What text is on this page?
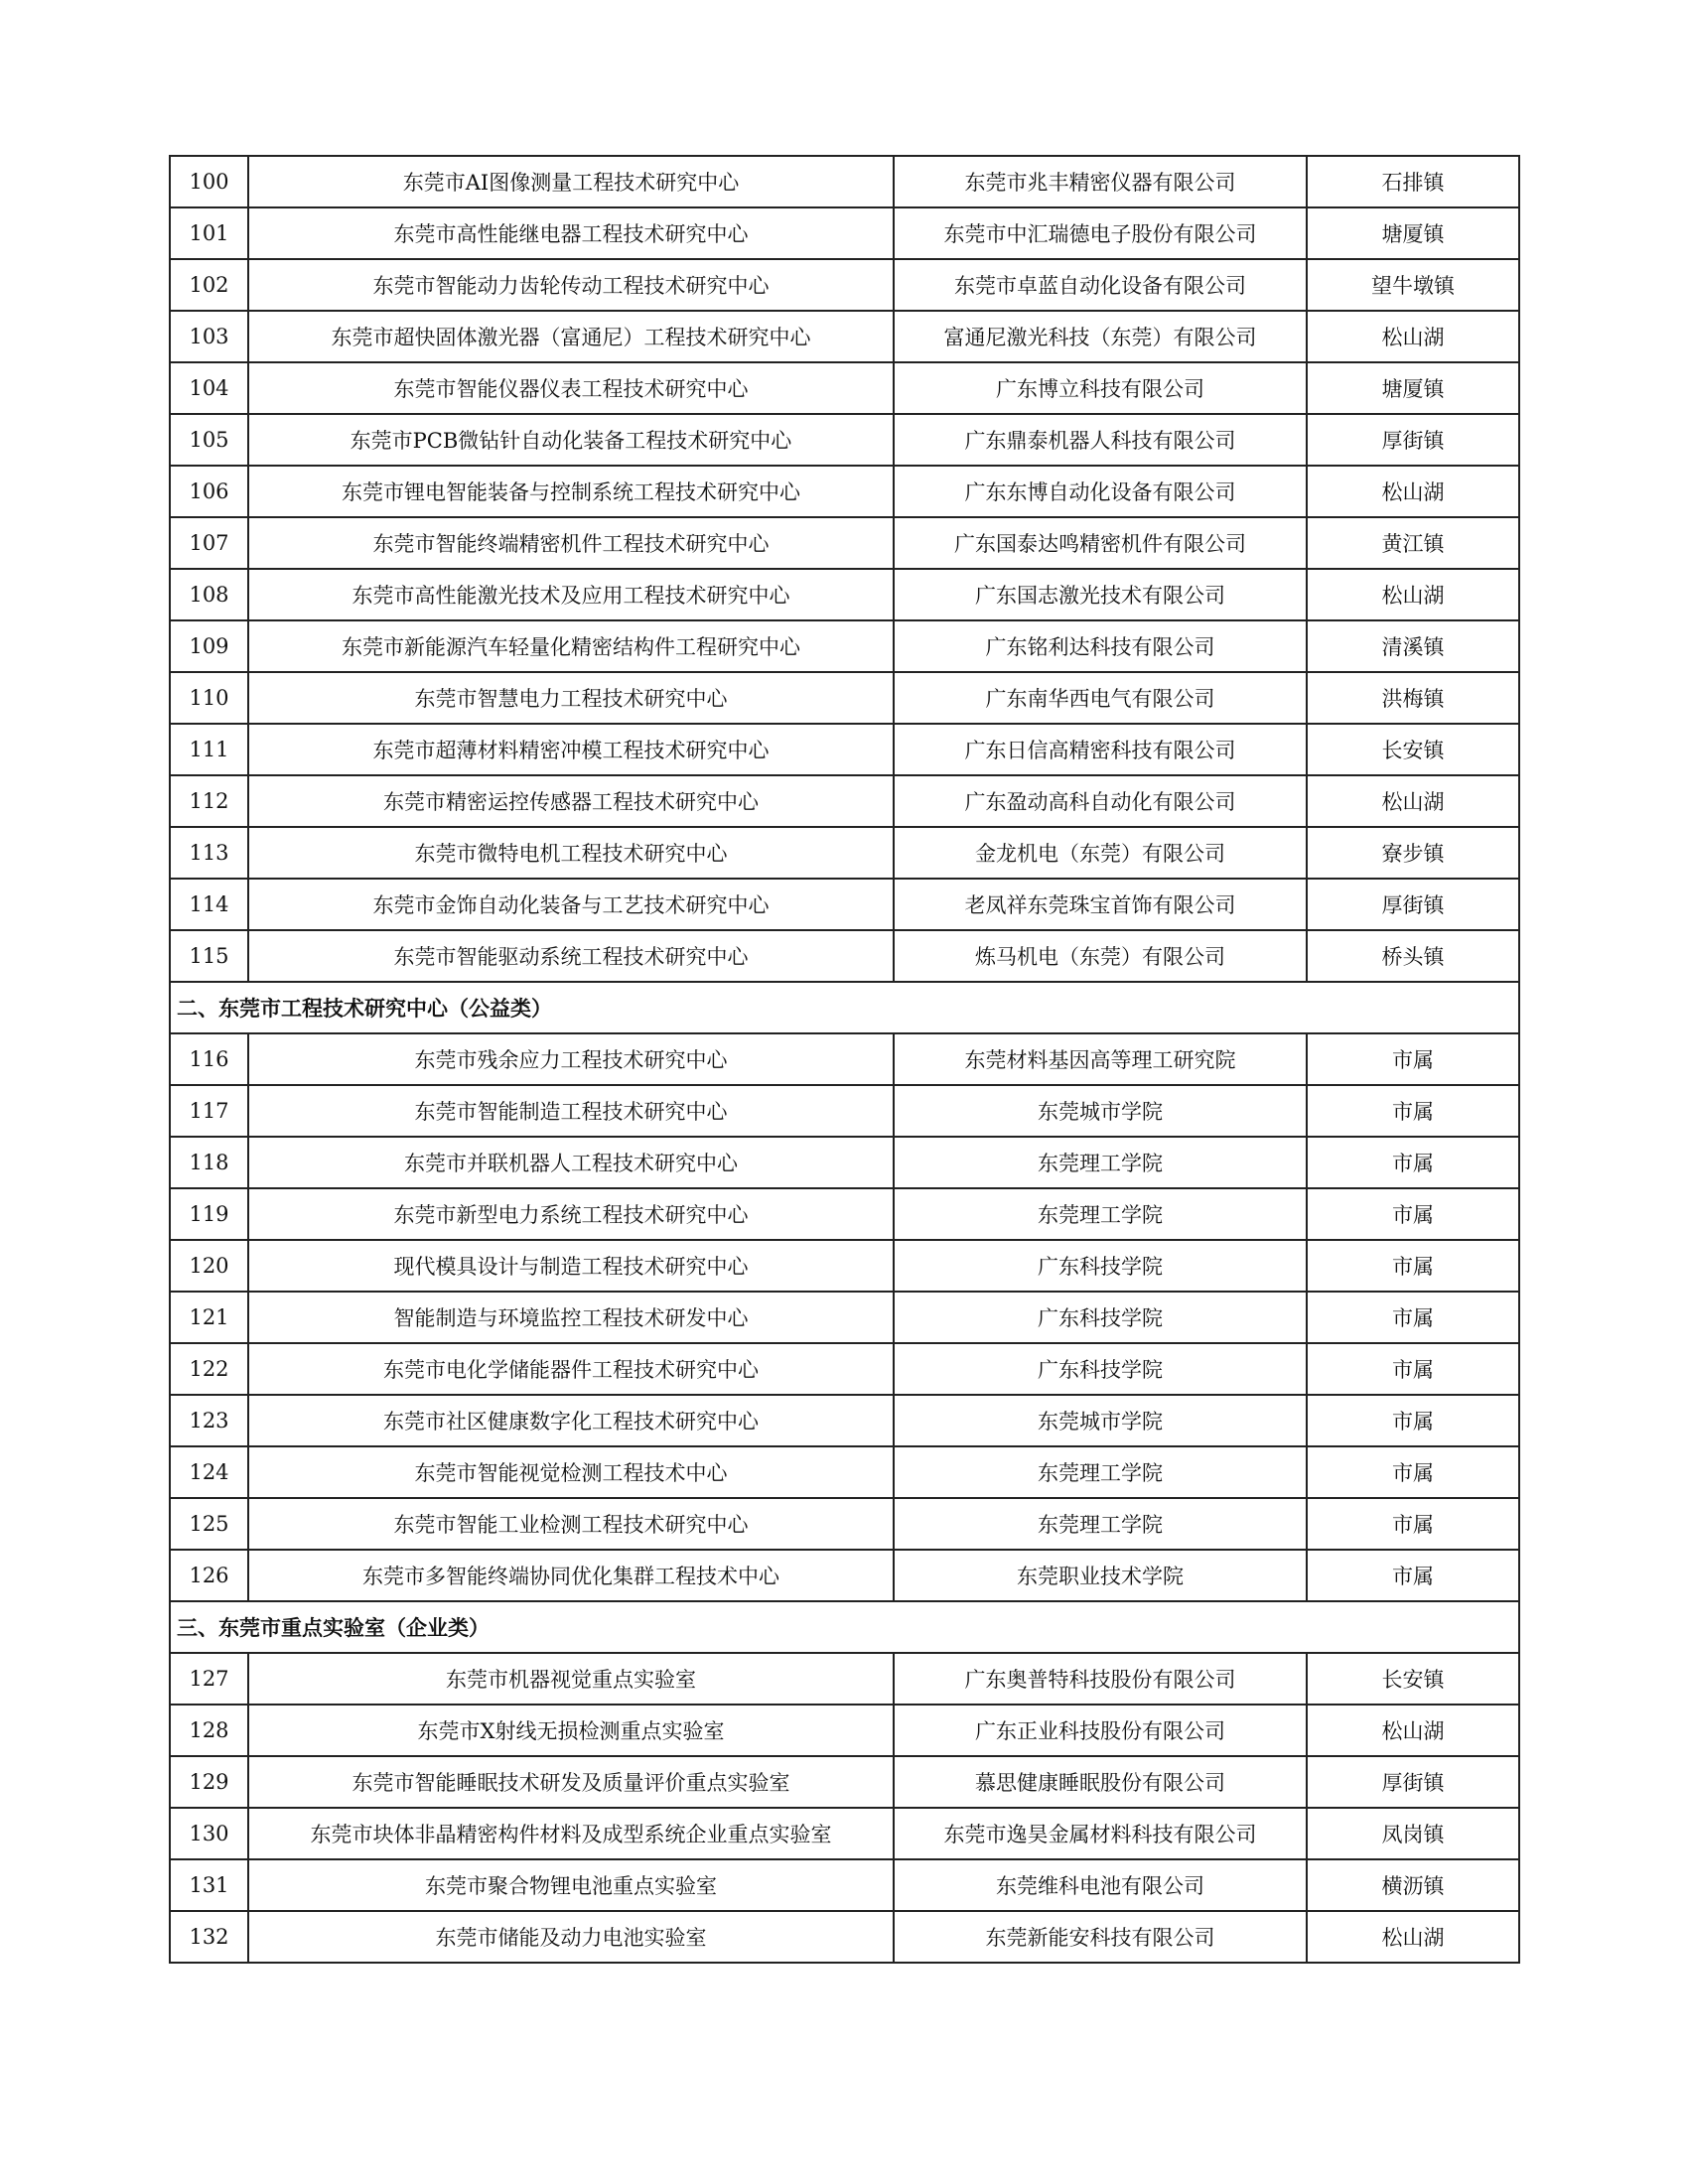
100	东莞市AI图像测量工程技术研究中心	东莞市兆丰精密仪器有限公司	石排镇
101	东莞市高性能继电器工程技术研究中心	东莞市中汇瑞德电子股份有限公司	塘厦镇
102	东莞市智能动力齿轮传动工程技术研究中心	东莞市卓蓝自动化设备有限公司	望牛墩镇
103	东莞市超快固体激光器（富通尼）工程技术研究中心	富通尼激光科技（东莞）有限公司	松山湖
104	东莞市智能仪器仪表工程技术研究中心	广东博立科技有限公司	塘厦镇
105	东莞市PCB微钻针自动化装备工程技术研究中心	广东鼎泰机器人科技有限公司	厚街镇
106	东莞市锂电智能装备与控制系统工程技术研究中心	广东东博自动化设备有限公司	松山湖
107	东莞市智能终端精密机件工程技术研究中心	广东国泰达鸣精密机件有限公司	黄江镇
108	东莞市高性能激光技术及应用工程技术研究中心	广东国志激光技术有限公司	松山湖
109	东莞市新能源汽车轻量化精密结构件工程研究中心	广东铭利达科技有限公司	清溪镇
110	东莞市智慧电力工程技术研究中心	广东南华西电气有限公司	洪梅镇
111	东莞市超薄材料精密冲模工程技术研究中心	广东日信高精密科技有限公司	长安镇
112	东莞市精密运控传感器工程技术研究中心	广东盈动高科自动化有限公司	松山湖
113	东莞市微特电机工程技术研究中心	金龙机电（东莞）有限公司	寮步镇
114	东莞市金饰自动化装备与工艺技术研究中心	老凤祥东莞珠宝首饰有限公司	厚街镇
115	东莞市智能驱动系统工程技术研究中心	炼马机电（东莞）有限公司	桥头镇
二、东莞市工程技术研究中心（公益类）			
116	东莞市残余应力工程技术研究中心	东莞材料基因高等理工研究院	市属
117	东莞市智能制造工程技术研究中心	东莞城市学院	市属
118	东莞市并联机器人工程技术研究中心	东莞理工学院	市属
119	东莞市新型电力系统工程技术研究中心	东莞理工学院	市属
120	现代模具设计与制造工程技术研究中心	广东科技学院	市属
121	智能制造与环境监控工程技术研发中心	广东科技学院	市属
122	东莞市电化学储能器件工程技术研究中心	广东科技学院	市属
123	东莞市社区健康数字化工程技术研究中心	东莞城市学院	市属
124	东莞市智能视觉检测工程技术中心	东莞理工学院	市属
125	东莞市智能工业检测工程技术研究中心	东莞理工学院	市属
126	东莞市多智能终端协同优化集群工程技术中心	东莞职业技术学院	市属
三、东莞市重点实验室（企业类）			
127	东莞市机器视觉重点实验室	广东奥普特科技股份有限公司	长安镇
128	东莞市X射线无损检测重点实验室	广东正业科技股份有限公司	松山湖
129	东莞市智能睡眠技术研发及质量评价重点实验室	慕思健康睡眠股份有限公司	厚街镇
130	东莞市块体非晶精密构件材料及成型系统企业重点实验室	东莞市逸昊金属材料科技有限公司	凤岗镇
131	东莞市聚合物锂电池重点实验室	东莞维科电池有限公司	横沥镇
132	东莞市储能及动力电池实验室	东莞新能安科技有限公司	松山湖
